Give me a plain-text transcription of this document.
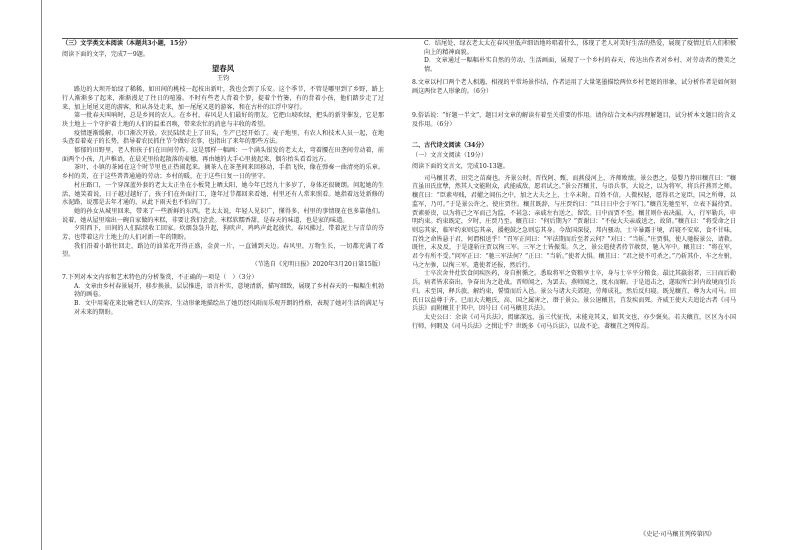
（三）文学类文本阅读（本题共3小题，15分）
阅读下面的文字，完成7～9题。
望春风
王钧

路边的大坝开始绿了稀稀，如田间的桃枝一起枝出新叶，我也会到了乐安。这个季节，不管是哪里到了乡野，路上行人渐渐多了起来，渐渐漫足了往日的喧嚣。不时有些老人背着个箩，提着个竹篓，有的背着小孩，他们踏步走了过来，加上尾尾又逛的游客，和从各处走来，加一尾尾又逛的游客，和在古朴的江浮中穿行。

第一批春天叫响时，总是乡间的农人。在乡村，春风是人们最好的朋友。它把山坡吹绿，把头的新芽催发，它是那块土地上一个守护着土地的人们的温柔召唤，带来农忙的消息与丰收的希望。

疫情逐渐缓解，市口渐次开放。农民陆续走上了田头，生产已经开始了。麦子地里，有农人和技术人员一起，在地头查看着麦子的长势，指导着农民抓住节令做好农事，也指出了来年的那些方法。

郁郁的田野里，老人和孩子们在田间劳作。这是那样一幅画：一个满头银发的老太太，弯着腰在田垄间劳动着，前面两个小孩，几声稚语，在晨光里拾起散落的麦穗，再由她的大手心里拢起来，偶尔抬头看看远方。

茶叶，小镇的茶园在这个时节里也正热闹起来。摘茶人在茶垄间来回移动，手指飞快，像在弹奏一曲清亮的乐章。乡村的美，在于这些普普通通的劳动；乡村的暖，在于这些日复一日的坚守。

村庄路口，一个穿深蓝外套的老太太正坐在小板凳上晒太阳，她今年已经九十多岁了，身体还很硬朗。问起她的生活，她笑着说，日子越过越好了，孩子们在外面打工，逢年过节都回来看她，村里还有人常来照看。她指着远处新修的水泥路，说那是去年才通的，从此下雨天也不怕出门了。

她的孙女从城里回来，带来了一些新鲜的东西。老太太说，年轻人见识广，懂得多，村里的事情现在也多靠他们。说着，她从屋里端出一碗自家做的米糕，非要让我们尝尝。米糕软糯香甜，是春天的味道，也是家的味道。

夕阳西下，田间的人们陆续收工回家。炊烟袅袅升起，狗吠声、鸡鸣声此起彼伏。春风拂过，带着泥土与青草的芬芳，也带着这片土地上的人们对新一年的期盼。

我们沿着小路往回走，路边的油菜花开得正盛，金黄一片，一直铺到天边。春风里，万物生长，一切都充满了希望。

（节选自《光明日报》2020年3月20日第15版）

7.下列对本文内容和艺术特色的分析鉴赏，不正确的一项是（　）（3分）

A．文章由乡村春景展开，移步换景，层层推进，语言朴实，意境清新，描写细致，展现了乡村春天的一幅幅生机勃勃的画卷。

B．文中用菊花来比喻老妇人的笑容，生动形象地描绘出了她历经风雨而乐观开朗的性格，表现了她对生活的满足与对未来的期盼。

C．结尾处，绿衣老太太在春风里低声细语地吟唱着什么，体现了老人对美好生活的热爱，展现了疫情过后人们积极向上的精神面貌。

D．文章通过一幅幅朴实自然的劳动、生活画面，展现了一个乡村的春天，传达出作者对乡村、对劳动者的赞美之情。

8.文章以村口两个老人相遇、相视的平常场景作结，作者运用了大量笔墨描绘两位乡村老妪的形象，试分析作者是如何刻画这两位老人形象的。（6分）

9.俗话说：“好题一半文”，题目对文章的解读有着至关重要的作用。请你结合文本内容理解题目，试分析本文题目的含义及作用。（6分）

二、古代诗文阅读（34分）
（一）文言文阅读（19分）
阅读下面的文言文，完成10-13题。

司马穰苴者，田完之苗裔也。齐景公时，晋伐阿、甄，而燕侵河上，齐师败绩。景公患之。晏婴乃荐田穰苴曰：“穰苴虽田氏庶孽，然其人文能附众，武能威敌，愿君试之。”景公召穰苴，与语兵事，大说之，以为将军，将兵扞燕晋之师。穰苴曰：“臣素卑贱，君擢之闾伍之中，加之大夫之上，士卒未附，百姓不信，人微权轻，愿得君之宠臣，国之所尊，以监军，乃可。”于是景公许之，使庄贾往。穰苴既辞，与庄贾约曰：“旦日日中会于军门。”穰苴先驰至军，立表下漏待贾。贾素骄贵，以为将己之军而己为监，不甚急；亲戚左右送之，留饮。日中而贾不至。穰苴则仆表决漏，入，行军勒兵，申明约束。约束既定，夕时，庄贾乃至。穰苴曰：“何后期为？”贾谢曰：“不佞大夫亲戚送之，故留。”穰苴曰：“将受命之日则忘其家，临军约束则忘其亲，援枹鼓之急则忘其身。今敌国深侵，邦内骚动，士卒暴露于境，君寝不安席，食不甘味，百姓之命皆悬于君，何谓相送乎！”召军正问曰：“军法期而后至者云何？”对曰：“当斩。”庄贾惧，使人驰报景公，请救。既往，未及反，于是遂斩庄贾以徇三军。三军之士皆振栗。久之，景公遣使者持节赦贾，驰入军中。穰苴曰：“将在军，君令有所不受。”问军正曰：“驰三军法何？”正曰：“当斩。”使者大惧。穰苴曰：“君之使不可杀之。”乃斩其仆，车之左驸，马之左骖，以徇三军。遣使者还报，然后行。

士卒次舍井灶饮食问疾医药，身自拊循之。悉取将军之资粮享士卒，身与士卒平分粮食。最比其羸弱者，三日而后勒兵。病者皆求奋出，争奋出为之赴战。晋师闻之，为罢去。燕师闻之，度水而解。于是追击之，遂取所亡封内故境而引兵归。未至国，释兵旅，解约束，誓盟而后入邑。景公与诸大夫郊迎，劳师成礼，然后反归寝。既见穰苴，尊为大司马。田氏日以益尊于齐。已而大夫鲍氏、高、国之属害之，谮于景公。景公退穰苴，苴发疾而死。齐威王使大夫追论古者《司马兵法》而附穰苴于其中，因号曰《司马穰苴兵法》。

太史公曰：余读《司马兵法》，闳廓深远，虽三代征伐，未能竟其义，如其文也，亦少褒矣。若夫穰苴，区区为小国行师，何暇及《司马兵法》之揖让乎？世既多《司马兵法》，以故不论，著穰苴之列传焉。

《史记·司马穰苴列传第四》
